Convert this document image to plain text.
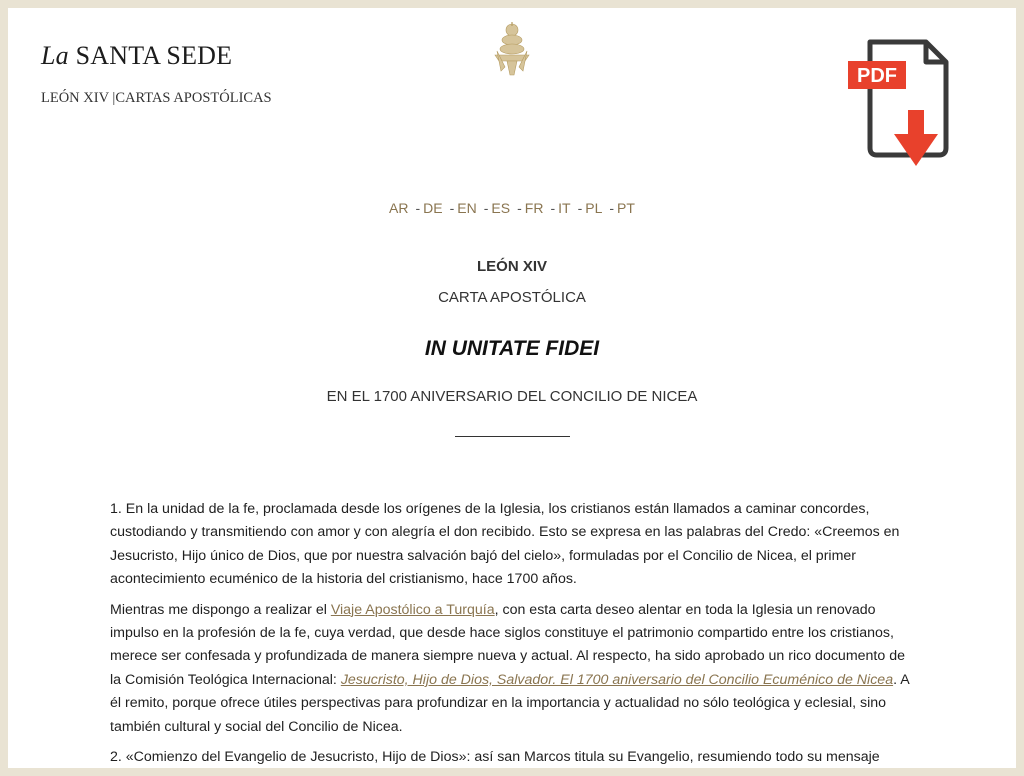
La SANTA SEDE
LEÓN XIV |CARTAS APOSTÓLICAS
PDF
AR - DE - EN - ES - FR - IT - PL - PT
LEÓN XIV
CARTA APOSTÓLICA
IN UNITATE FIDEI
EN EL 1700 ANIVERSARIO DEL CONCILIO DE NICEA

1. En la unidad de la fe, proclamada desde los orígenes de la Iglesia, los cristianos están llamados a caminar concordes, custodiando y transmitiendo con amor y con alegría el don recibido. Esto se expresa en las palabras del Credo: «Creemos en Jesucristo, Hijo único de Dios, que por nuestra salvación bajó del cielo», formuladas por el Concilio de Nicea, el primer acontecimiento ecuménico de la historia del cristianismo, hace 1700 años.

Mientras me dispongo a realizar el Viaje Apostólico a Turquía, con esta carta deseo alentar en toda la Iglesia un renovado impulso en la profesión de la fe, cuya verdad, que desde hace siglos constituye el patrimonio compartido entre los cristianos, merece ser confesada y profundizada de manera siempre nueva y actual. Al respecto, ha sido aprobado un rico documento de la Comisión Teológica Internacional: Jesucristo, Hijo de Dios, Salvador. El 1700 aniversario del Concilio Ecuménico de Nicea. A él remito, porque ofrece útiles perspectivas para profundizar en la importancia y actualidad no sólo teológica y eclesial, sino también cultural y social del Concilio de Nicea.

2. «Comienzo del Evangelio de Jesucristo, Hijo de Dios»: así san Marcos titula su Evangelio, resumiendo todo su mensaje
